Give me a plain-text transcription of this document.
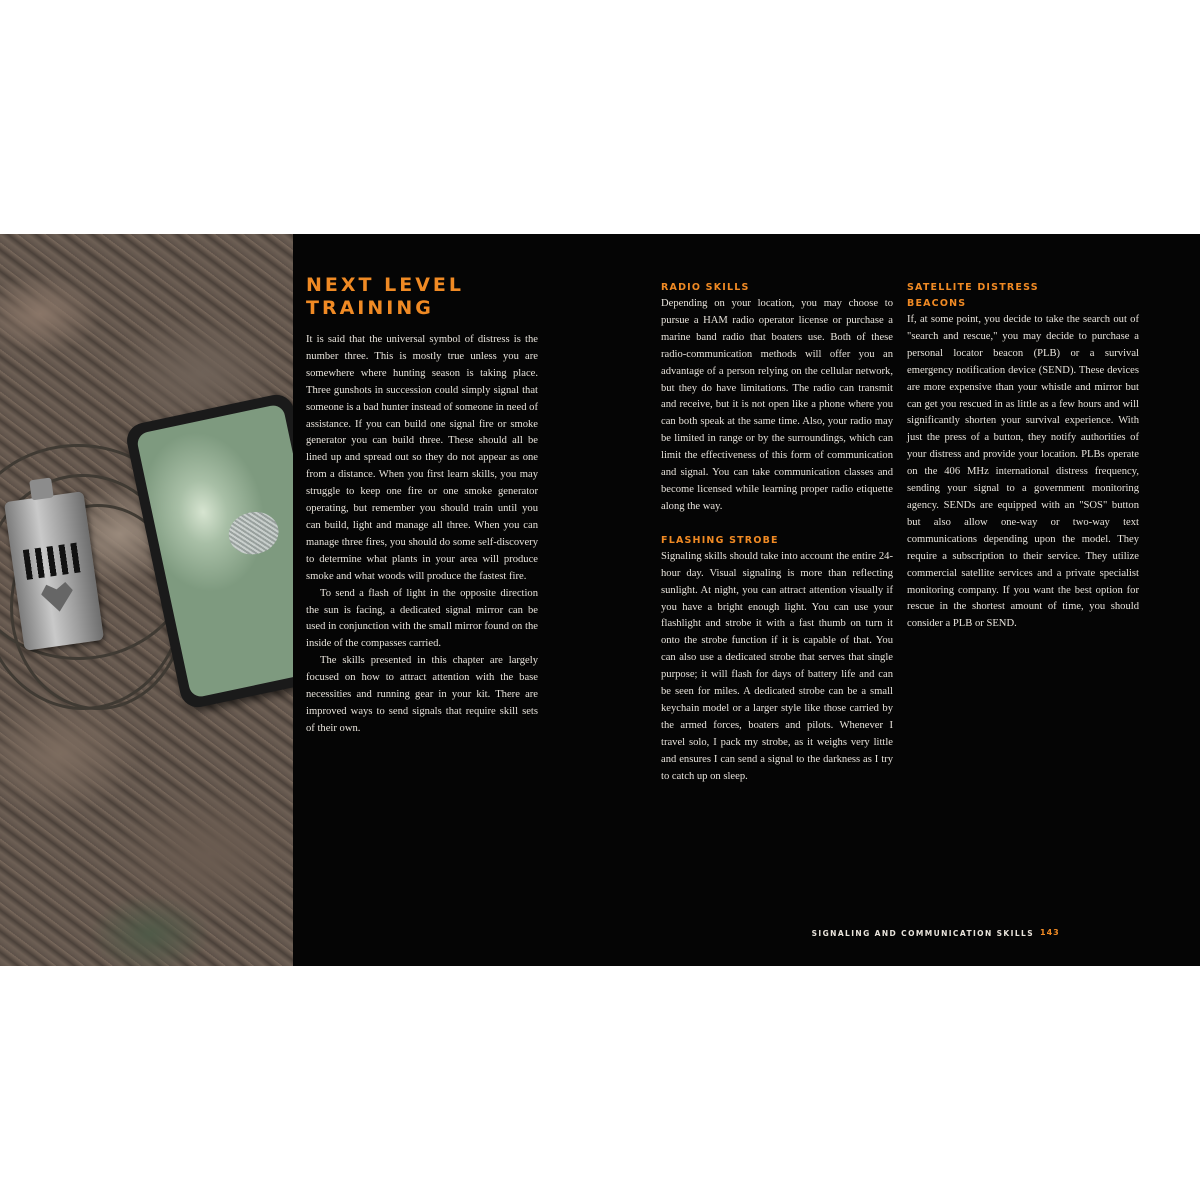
NEXT LEVEL
TRAINING

It is said that the universal symbol of distress is the number three. This is mostly true unless you are somewhere where hunting season is taking place. Three gunshots in succession could simply signal that someone is a bad hunter instead of someone in need of assistance. If you can build one signal fire or smoke generator you can build three. These should all be lined up and spread out so they do not appear as one from a distance. When you first learn skills, you may struggle to keep one fire or one smoke generator operating, but remember you should train until you can build, light and manage all three. When you can manage three fires, you should do some self-discovery to determine what plants in your area will produce smoke and what woods will produce the fastest fire.

To send a flash of light in the opposite direction the sun is facing, a dedicated signal mirror can be used in conjunction with the small mirror found on the inside of the compasses carried.

The skills presented in this chapter are largely focused on how to attract attention with the base necessities and running gear in your kit. There are improved ways to send signals that require skill sets of their own.

RADIO SKILLS

Depending on your location, you may choose to pursue a HAM radio operator license or purchase a marine band radio that boaters use. Both of these radio-communication methods will offer you an advantage of a person relying on the cellular network, but they do have limitations. The radio can transmit and receive, but it is not open like a phone where you can both speak at the same time. Also, your radio may be limited in range or by the surroundings, which can limit the effectiveness of this form of communication and signal. You can take communication classes and become licensed while learning proper radio etiquette along the way.

FLASHING STROBE

Signaling skills should take into account the entire 24-hour day. Visual signaling is more than reflecting sunlight. At night, you can attract attention visually if you have a bright enough light. You can use your flashlight and strobe it with a fast thumb on turn it onto the strobe function if it is capable of that. You can also use a dedicated strobe that serves that single purpose; it will flash for days of battery life and can be seen for miles. A dedicated strobe can be a small keychain model or a larger style like those carried by the armed forces, boaters and pilots. Whenever I travel solo, I pack my strobe, as it weighs very little and ensures I can send a signal to the darkness as I try to catch up on sleep.

SATELLITE DISTRESS
BEACONS

If, at some point, you decide to take the search out of "search and rescue," you may decide to purchase a personal locator beacon (PLB) or a survival emergency notification device (SEND). These devices are more expensive than your whistle and mirror but can get you rescued in as little as a few hours and will significantly shorten your survival experience. With just the press of a button, they notify authorities of your distress and provide your location. PLBs operate on the 406 MHz international distress frequency, sending your signal to a government monitoring agency. SENDs are equipped with an "SOS" button but also allow one-way or two-way text communications depending upon the model. They require a subscription to their service. They utilize commercial satellite services and a private specialist monitoring company. If you want the best option for rescue in the shortest amount of time, you should consider a PLB or SEND.

SIGNALING AND COMMUNICATION SKILLS 143
